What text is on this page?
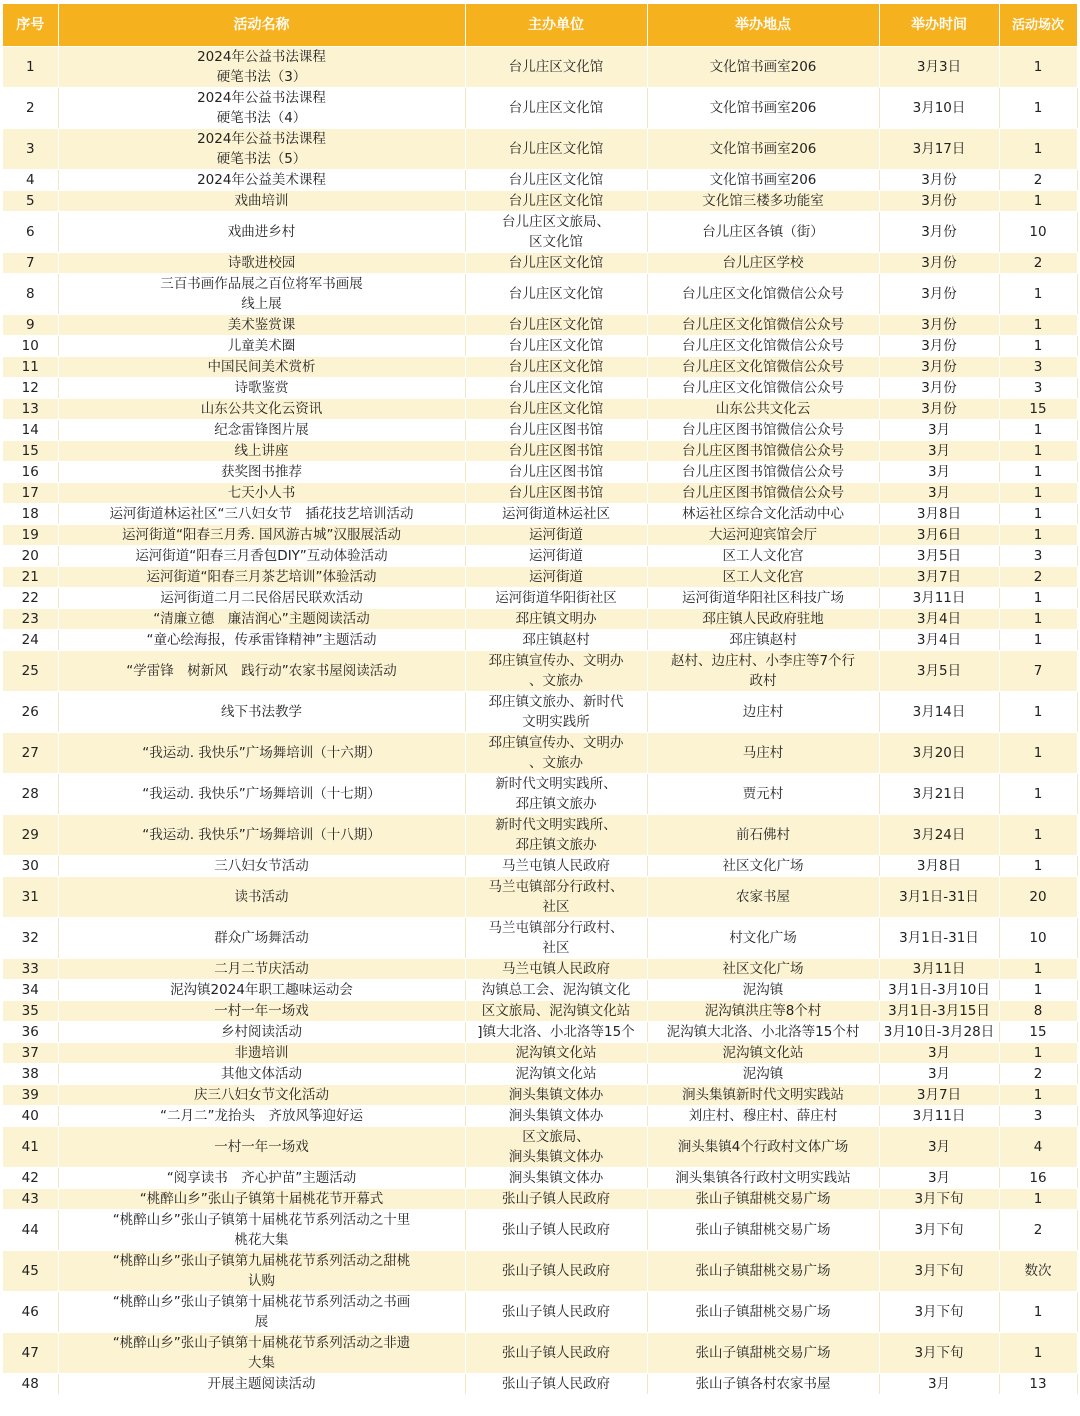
序号	活动名称	主办单位	举办地点	举办时间	活动场次
1	2024年公益书法课程
硬笔书法（3）	台儿庄区文化馆	文化馆书画室206	3月3日	1
2	2024年公益书法课程
硬笔书法（4）	台儿庄区文化馆	文化馆书画室206	3月10日	1
3	2024年公益书法课程
硬笔书法（5）	台儿庄区文化馆	文化馆书画室206	3月17日	1
4	2024年公益美术课程	台儿庄区文化馆	文化馆书画室206	3月份	2
5	戏曲培训	台儿庄区文化馆	文化馆三楼多功能室	3月份	1
6	戏曲进乡村	台儿庄区文旅局、
区文化馆	台儿庄区各镇（街）	3月份	10
7	诗歌进校园	台儿庄区文化馆	台儿庄区学校	3月份	2
8	三百书画作品展之百位将军书画展
线上展	台儿庄区文化馆	台儿庄区文化馆微信公众号	3月份	1
9	美术鉴赏课	台儿庄区文化馆	台儿庄区文化馆微信公众号	3月份	1
10	儿童美术圈	台儿庄区文化馆	台儿庄区文化馆微信公众号	3月份	1
11	中国民间美术赏析	台儿庄区文化馆	台儿庄区文化馆微信公众号	3月份	3
12	诗歌鉴赏	台儿庄区文化馆	台儿庄区文化馆微信公众号	3月份	3
13	山东公共文化云资讯	台儿庄区文化馆	山东公共文化云	3月份	15
14	纪念雷锋图片展	台儿庄区图书馆	台儿庄区图书馆微信公众号	3月	1
15	线上讲座	台儿庄区图书馆	台儿庄区图书馆微信公众号	3月	1
16	获奖图书推荐	台儿庄区图书馆	台儿庄区图书馆微信公众号	3月	1
17	七天小人书	台儿庄区图书馆	台儿庄区图书馆微信公众号	3月	1
18	运河街道林运社区“三八妇女节　插花技艺培训活动	运河街道林运社区	林运社区综合文化活动中心	3月8日	1
19	运河街道“阳春三月秀. 国风游古城”汉服展活动	运河街道	大运河迎宾馆会厅	3月6日	1
20	运河街道“阳春三月香包DIY”互动体验活动	运河街道	区工人文化宫	3月5日	3
21	运河街道“阳春三月茶艺培训”体验活动	运河街道	区工人文化宫	3月7日	2
22	运河街道二月二民俗居民联欢活动	运河街道华阳街社区	运河街道华阳社区科技广场	3月11日	1
23	“清廉立德　廉洁润心”主题阅读活动	邳庄镇文明办	邳庄镇人民政府驻地	3月4日	1
24	“童心绘海报，传承雷锋精神”主题活动	邳庄镇赵村	邳庄镇赵村	3月4日	1
25	“学雷锋　树新风　践行动”农家书屋阅读活动	邳庄镇宣传办、文明办
、文旅办	赵村、边庄村、小李庄等7个行
政村	3月5日	7
26	线下书法教学	邳庄镇文旅办、新时代
文明实践所	边庄村	3月14日	1
27	“我运动. 我快乐”广场舞培训（十六期）	邳庄镇宣传办、文明办
、文旅办	马庄村	3月20日	1
28	“我运动. 我快乐”广场舞培训（十七期）	新时代文明实践所、
邳庄镇文旅办	贾元村	3月21日	1
29	“我运动. 我快乐”广场舞培训（十八期）	新时代文明实践所、
邳庄镇文旅办	前石佛村	3月24日	1
30	三八妇女节活动	马兰屯镇人民政府	社区文化广场	3月8日	1
31	读书活动	马兰屯镇部分行政村、
社区	农家书屋	3月1日-31日	20
32	群众广场舞活动	马兰屯镇部分行政村、
社区	村文化广场	3月1日-31日	10
33	二月二节庆活动	马兰屯镇人民政府	社区文化广场	3月11日	1
34	泥沟镇2024年职工趣味运动会	沟镇总工会、泥沟镇文化	泥沟镇	3月1日-3月10日	1
35	一村一年一场戏	区文旅局、泥沟镇文化站	泥沟镇洪庄等8个村	3月1日-3月15日	8
36	乡村阅读活动	]镇大北洛、小北洛等15个	泥沟镇大北洛、小北洛等15个村	3月10日-3月28日	15
37	非遗培训	泥沟镇文化站	泥沟镇文化站	3月	1
38	其他文体活动	泥沟镇文化站	泥沟镇	3月	2
39	庆三八妇女节文化活动	涧头集镇文体办	涧头集镇新时代文明实践站	3月7日	1
40	“二月二”龙抬头　齐放风筝迎好运	涧头集镇文体办	刘庄村、穆庄村、薛庄村	3月11日	3
41	一村一年一场戏	区文旅局、
涧头集镇文体办	涧头集镇4个行政村文体广场	3月	4
42	“阅享读书　齐心护苗”主题活动	涧头集镇文体办	涧头集镇各行政村文明实践站	3月	16
43	“桃醉山乡”张山子镇第十届桃花节开幕式	张山子镇人民政府	张山子镇甜桃交易广场	3月下旬	1
44	“桃醉山乡”张山子镇第十届桃花节系列活动之十里
桃花大集	张山子镇人民政府	张山子镇甜桃交易广场	3月下旬	2
45	“桃醉山乡”张山子镇第九届桃花节系列活动之甜桃
认购	张山子镇人民政府	张山子镇甜桃交易广场	3月下旬	数次
46	“桃醉山乡”张山子镇第十届桃花节系列活动之书画
展	张山子镇人民政府	张山子镇甜桃交易广场	3月下旬	1
47	“桃醉山乡”张山子镇第十届桃花节系列活动之非遗
大集	张山子镇人民政府	张山子镇甜桃交易广场	3月下旬	1
48	开展主题阅读活动	张山子镇人民政府	张山子镇各村农家书屋	3月	13
